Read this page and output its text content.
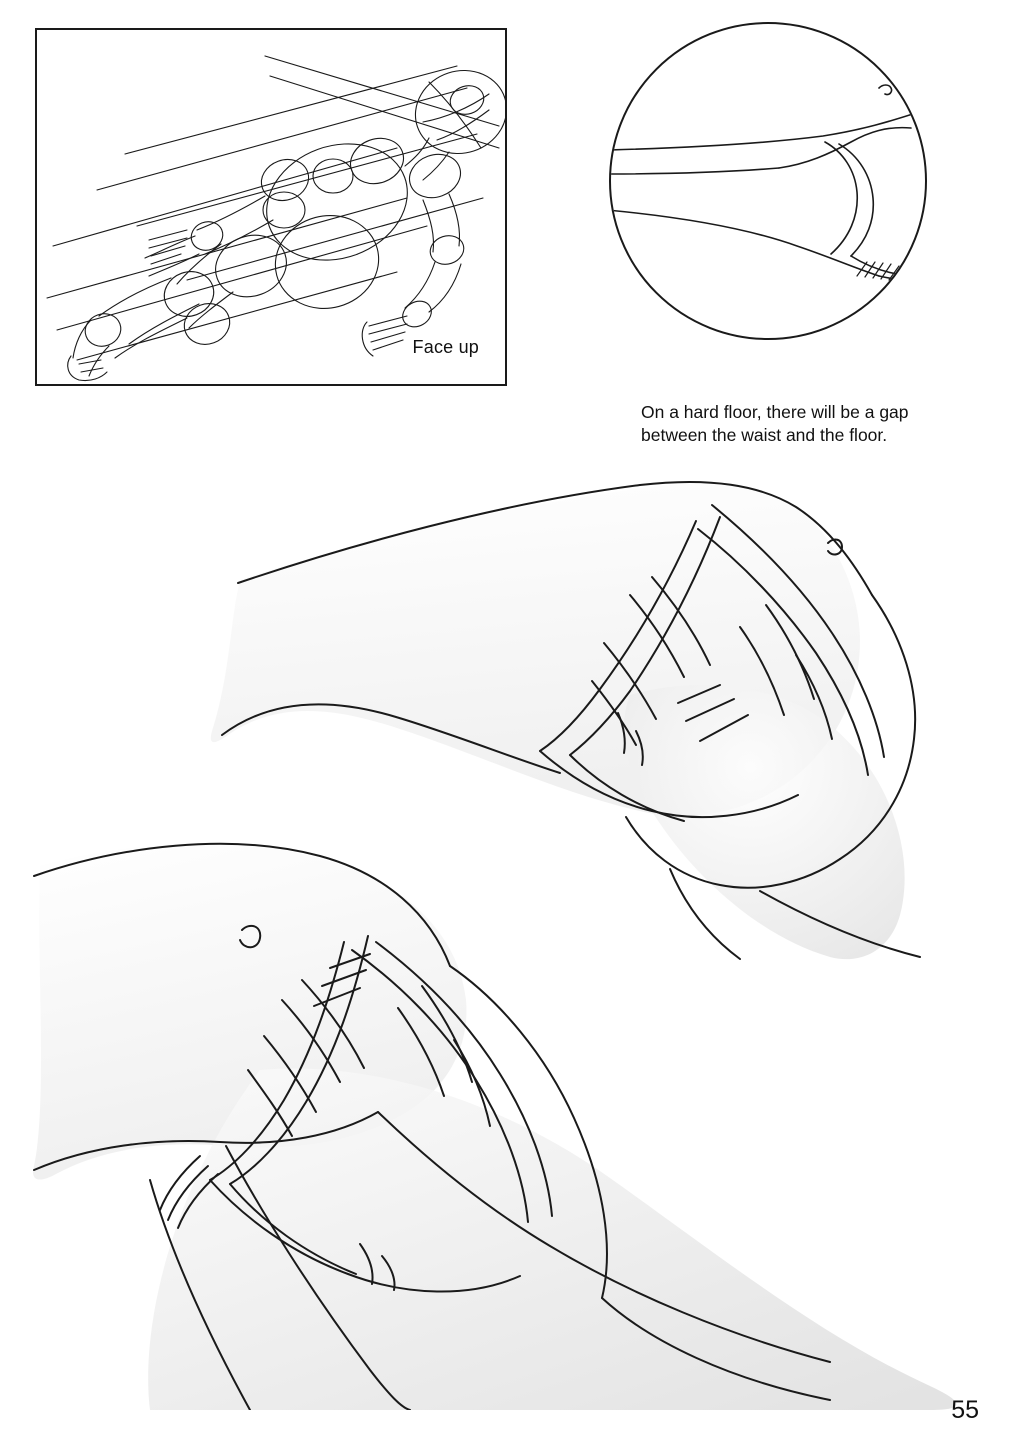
Face up
On a hard floor, there will be a gap
between the waist and the floor.
55
